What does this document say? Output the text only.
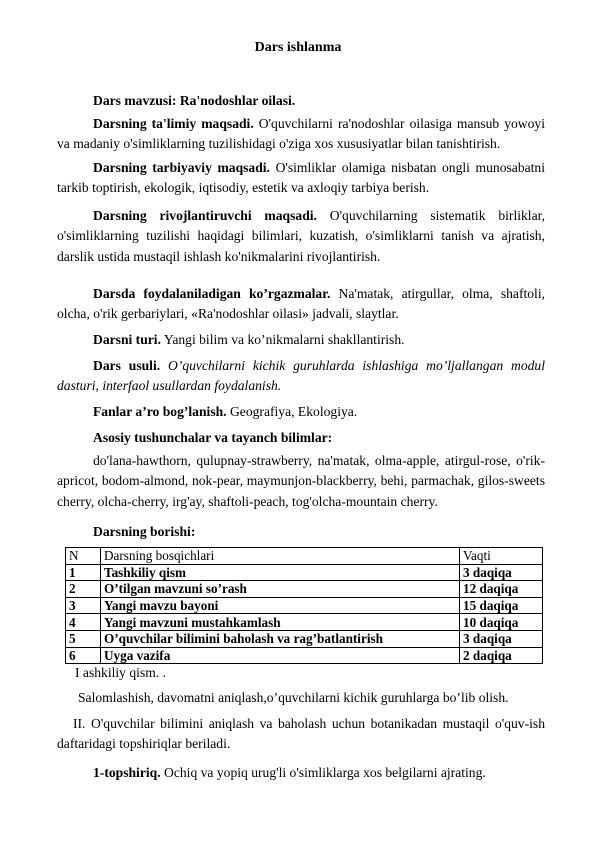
Dars ishlanma

Dars mavzusi: Ra'nodoshlar oilasi.

Darsning ta'limiy maqsadi. O'quvchilarni ra'nodoshlar oilasiga mansub yowoyi va madaniy o'simliklarning tuzilishidagi o'ziga xos xususiyatlar bilan tanishtirish.

Darsning tarbiyaviy maqsadi. O'simliklar olamiga nisbatan ongli munosabatni tarkib toptirish, ekologik, iqtisodiy, estetik va axloqiy tarbiya berish.

Darsning rivojlantiruvchi maqsadi. O'quvchilarning sistematik birliklar, o'simliklarning tuzilishi haqidagi bilimlari, kuzatish, o'simliklarni tanish va ajratish, darslik ustida mustaqil ishlash ko'nikmalarini rivojlantirish.

Darsda foydalaniladigan ko’rgazmalar. Na'matak, atirgullar, olma, shaftoli, olcha, o'rik gerbariylari, «Ra'nodoshlar oilasi» jadvali, slaytlar.

Darsni turi. Yangi bilim va ko’nikmalarni shakllantirish.

Dars usuli. O’quvchilarni kichik guruhlarda ishlashiga mo’ljallangan modul dasturi, interfaol usullardan foydalanish.

Fanlar a’ro bog’lanish. Geografiya, Ekologiya.

Asosiy tushunchalar va tayanch bilimlar:

do'lana-hawthorn, qulupnay-strawberry, na'matak, olma-apple, atirgul-rose, o'rik-apricot, bodom-almond, nok-pear, maymunjon-blackberry, behi, parmachak, gilos-sweets cherry, olcha-cherry, irg'ay, shaftoli-peach, tog'olcha-mountain cherry.

Darsning borishi:

N	Darsning bosqichlari	Vaqti
1	Tashkiliy qism	3 daqiqa
2	O’tilgan mavzuni so’rash	12 daqiqa
3	Yangi mavzu bayoni	15 daqiqa
4	Yangi mavzuni mustahkamlash	10 daqiqa
5	O’quvchilar bilimini baholash va rag’batlantirish	3 daqiqa
6	Uyga vazifa	2 daqiqa
I ashkiliy qism. .
Salomlashish, davomatni aniqlash,o’quvchilarni kichik guruhlarga bo’lib olish.

II. O'quvchilar bilimini aniqlash va baholash uchun botanikadan mustaqil o'quv-ish daftaridagi topshiriqlar beriladi.

1-topshiriq. Ochiq va yopiq urug'li o'simliklarga xos belgilarni ajrating.
